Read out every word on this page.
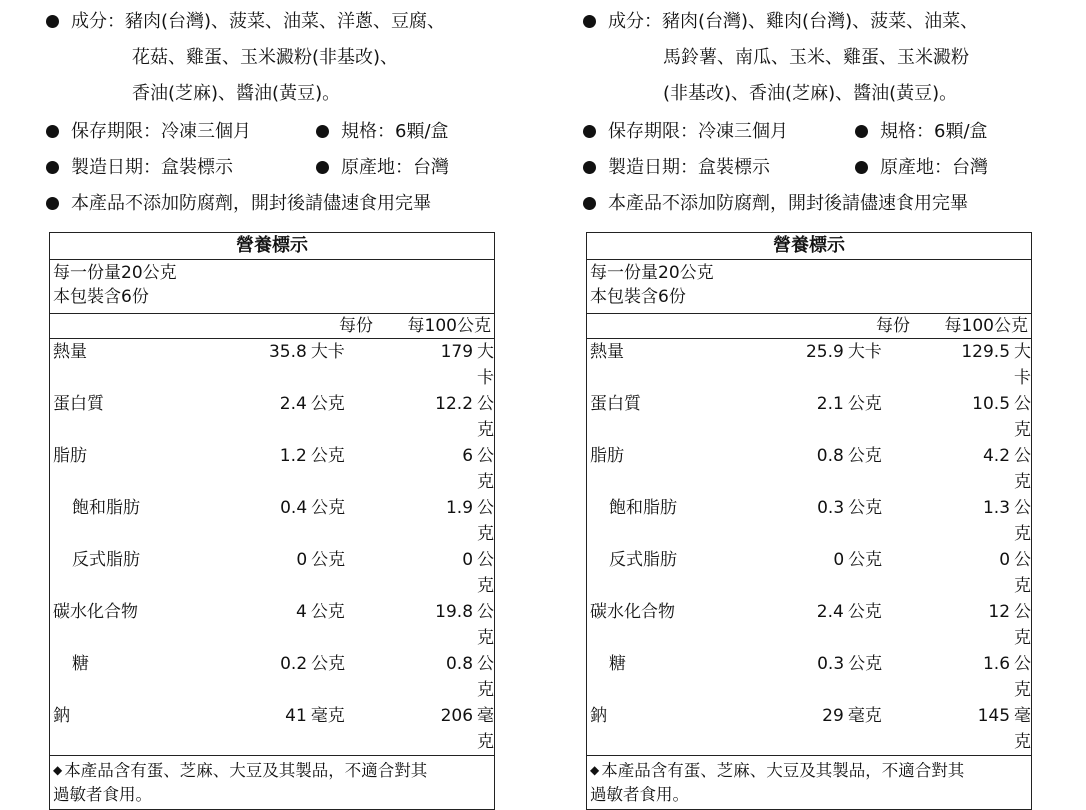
成分：豬肉(台灣)、菠菜、油菜、洋蔥、豆腐、
花菇、雞蛋、玉米澱粉(非基改)、
香油(芝麻)、醬油(黃豆)。
保存期限：冷凍三個月	規格：6顆/盒
製造日期：盒裝標示	原產地：台灣
本產品不添加防腐劑，開封後請儘速食用完畢
營養標示
每一份量20公克
本包裝含6份
每份	每100公克
熱量	35.8 大卡	179 大卡
蛋白質	2.4 公克	12.2 公克
脂肪	1.2 公克	6 公克
飽和脂肪	0.4 公克	1.9 公克
反式脂肪	0 公克	0 公克
碳水化合物	4 公克	19.8 公克
糖	0.2 公克	0.8 公克
鈉	41 毫克	206 毫克
◆ 本產品含有蛋、芝麻、大豆及其製品，不適合對其
過敏者食用。
成分：豬肉(台灣)、雞肉(台灣)、菠菜、油菜、
馬鈴薯、南瓜、玉米、雞蛋、玉米澱粉
(非基改)、香油(芝麻)、醬油(黃豆)。
保存期限：冷凍三個月	規格：6顆/盒
製造日期：盒裝標示	原產地：台灣
本產品不添加防腐劑，開封後請儘速食用完畢
營養標示
每一份量20公克
本包裝含6份
每份	每100公克
熱量	25.9 大卡	129.5 大卡
蛋白質	2.1 公克	10.5 公克
脂肪	0.8 公克	4.2 公克
飽和脂肪	0.3 公克	1.3 公克
反式脂肪	0 公克	0 公克
碳水化合物	2.4 公克	12 公克
糖	0.3 公克	1.6 公克
鈉	29 毫克	145 毫克
◆ 本產品含有蛋、芝麻、大豆及其製品，不適合對其
過敏者食用。
